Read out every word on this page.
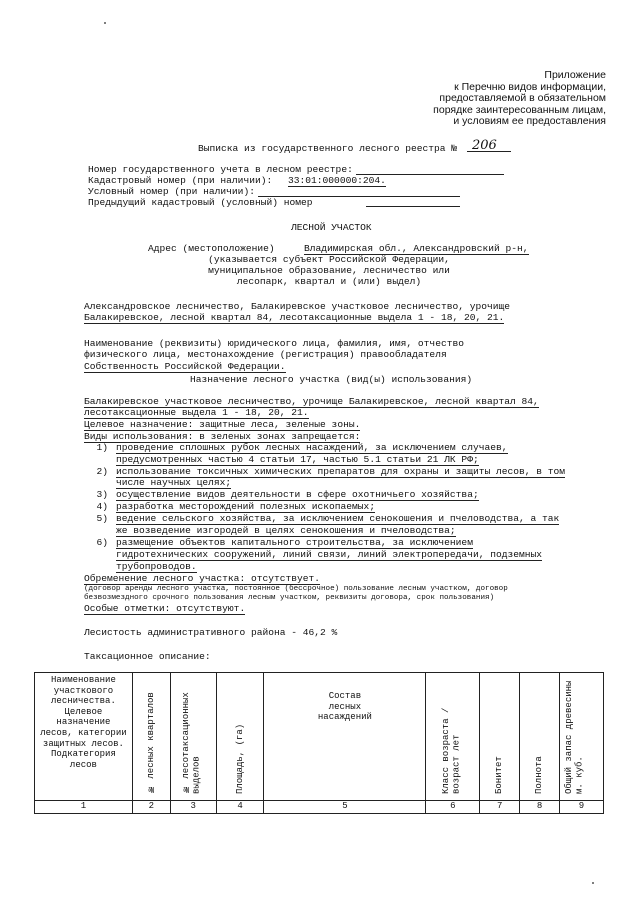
Приложение
к Перечню видов информации,
предоставляемой в обязательном
порядке заинтересованным лицам,
и условиям ее предоставления
Выписка из государственного лесного реестра № 206
Номер государственного учета в лесном реестре:
Кадастровый номер (при наличии): 33:01:000000:204.
Условный номер (при наличии):
Предыдущий кадастровый (условный) номер
ЛЕСНОЙ УЧАСТОК
Адрес (местоположение)	Владимирская обл., Александровский р-н,
(указывается субъект Российской Федерации,
муниципальное образование, лесничество или
лесопарк, квартал и (или) выдел)
Александровское лесничество, Балакиревское участковое лесничество, урочище
Балакиревское, лесной квартал 84, лесотаксационные выдела 1 - 18, 20, 21.
Наименование (реквизиты) юридического лица, фамилия, имя, отчество
физического лица, местонахождение (регистрация) правообладателя
Собственность Российской Федерации.
Назначение лесного участка (вид(ы) использования)
Балакиревское участковое лесничество, урочище Балакиревское, лесной квартал 84,
лесотаксационные выдела 1 - 18, 20, 21.
Целевое назначение: защитные леса, зеленые зоны.
Виды использования: в зеленых зонах запрещается:
1) проведение сплошных рубок лесных насаждений, за исключением случаев,
предусмотренных частью 4 статьи 17, частью 5.1 статьи 21 ЛК РФ;
2) использование токсичных химических препаратов для охраны и защиты лесов, в том
числе научных целях;
3) осуществление видов деятельности в сфере охотничьего хозяйства;
4) разработка месторождений полезных ископаемых;
5) ведение сельского хозяйства, за исключением сенокошения и пчеловодства, а так
же возведение изгородей в целях сенокошения и пчеловодства;
6) размещение объектов капитального строительства, за исключением
гидротехнических сооружений, линий связи, линий электропередачи, подземных
трубопроводов.
Обременение лесного участка: отсутствует.
(договор аренды лесного участка, постоянное (бессрочное) пользование лесным участком, договор
безвозмездного срочного пользования лесным участком, реквизиты договора, срок пользования)
Особые отметки: отсутствуют.
Лесистость административного района - 46,2 %
Таксационное описание:
Наименование участкового лесничества. Целевое назначение лесов, категории защитных лесов. Подкатегория лесов	№ лесных кварталов	№ лесотаксационных выделов	Площадь, (га)	Состав лесных насаждений	Класс возраста /возраст лет	Бонитет	Полнота	Общий запас древесины м. куб.

1	2	3	4	5	6	7	8	9
